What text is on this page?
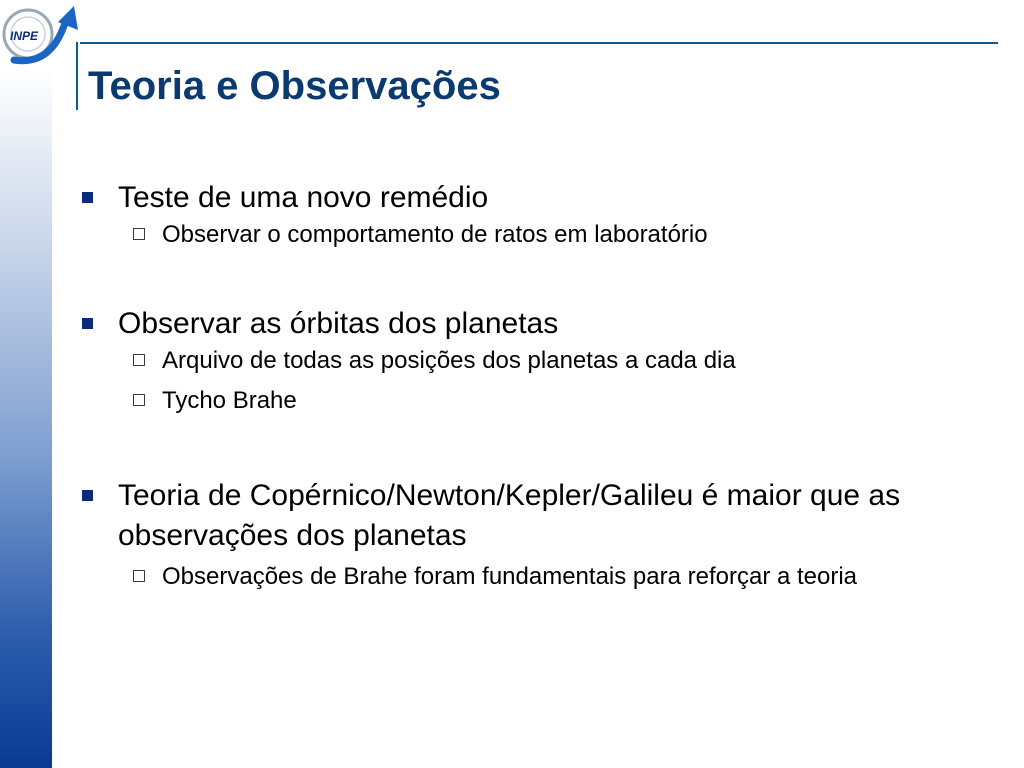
INPE
Teoria e Observações
Teste de uma novo remédio
Observar o comportamento de ratos em laboratório
Observar as órbitas dos planetas
Arquivo de todas as posições dos planetas a cada dia
Tycho Brahe
Teoria de Copérnico/Newton/Kepler/Galileu é maior que as observações dos planetas
Observações de Brahe foram fundamentais para reforçar a teoria
